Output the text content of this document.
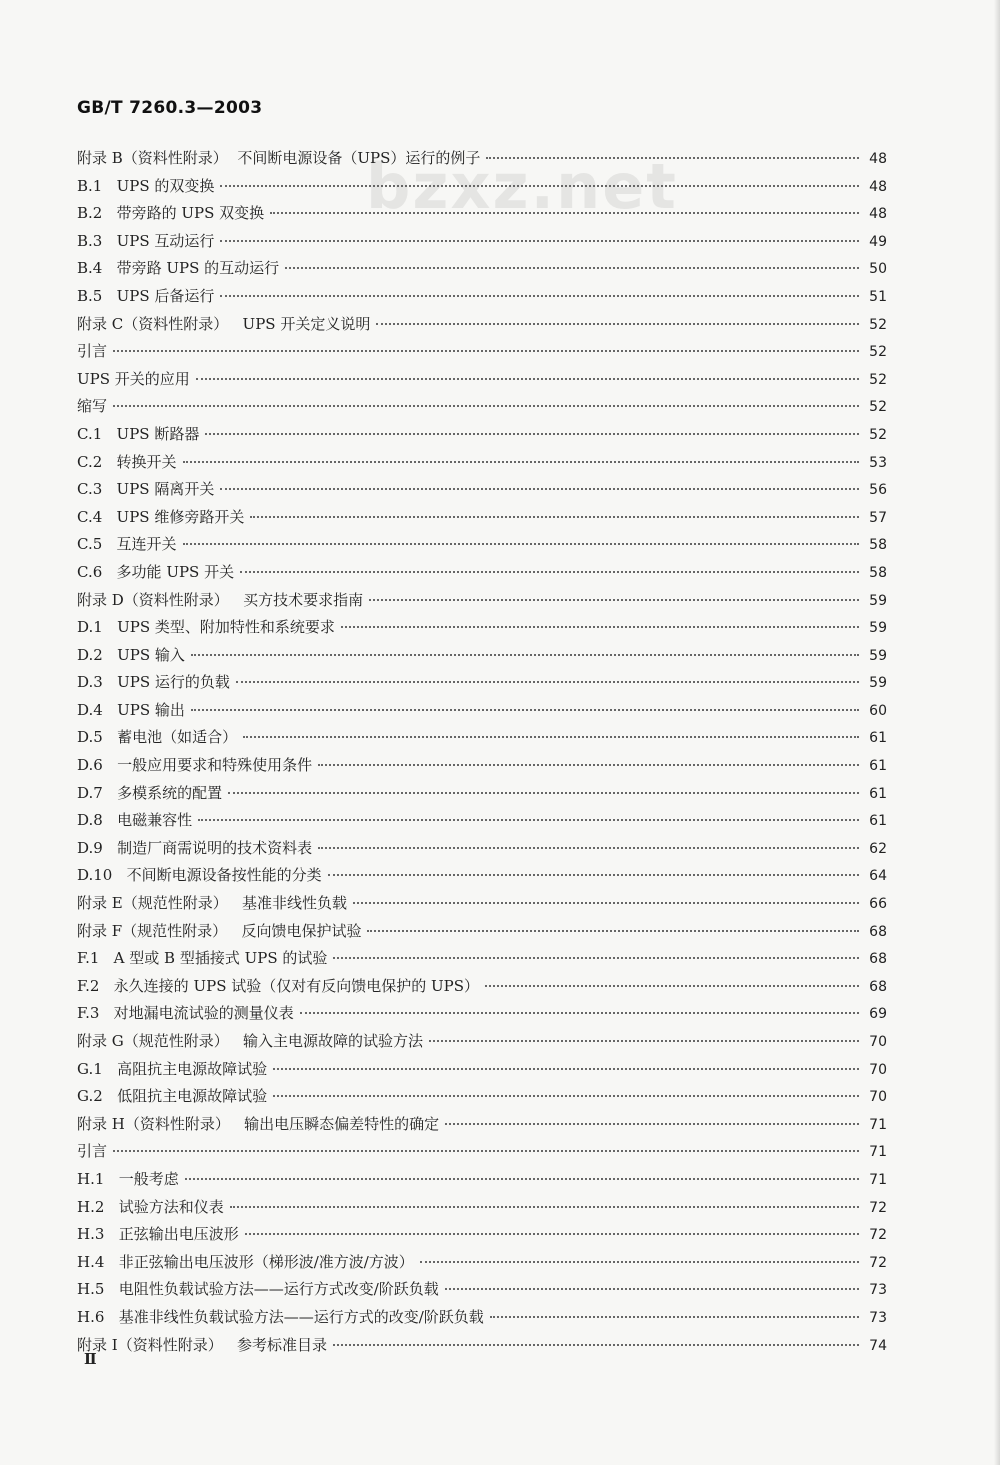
GB/T 7260.3—2003
bzxz.net
附录 B（资料性附录）  不间断电源设备（UPS）运行的例子	48
B.1   UPS 的双变换	48
B.2   带旁路的 UPS 双变换	48
B.3   UPS 互动运行	49
B.4   带旁路 UPS 的互动运行	50
B.5   UPS 后备运行	51
附录 C（资料性附录）   UPS 开关定义说明	52
引言	52
UPS 开关的应用	52
缩写	52
C.1   UPS 断路器	52
C.2   转换开关	53
C.3   UPS 隔离开关	56
C.4   UPS 维修旁路开关	57
C.5   互连开关	58
C.6   多功能 UPS 开关	58
附录 D（资料性附录）   买方技术要求指南	59
D.1   UPS 类型、附加特性和系统要求	59
D.2   UPS 输入	59
D.3   UPS 运行的负载	59
D.4   UPS 输出	60
D.5   蓄电池（如适合）	61
D.6   一般应用要求和特殊使用条件	61
D.7   多模系统的配置	61
D.8   电磁兼容性	61
D.9   制造厂商需说明的技术资料表	62
D.10   不间断电源设备按性能的分类	64
附录 E（规范性附录）   基准非线性负载	66
附录 F（规范性附录）   反向馈电保护试验	68
F.1   A 型或 B 型插接式 UPS 的试验	68
F.2   永久连接的 UPS 试验（仅对有反向馈电保护的 UPS）	68
F.3   对地漏电流试验的测量仪表	69
附录 G（规范性附录）   输入主电源故障的试验方法	70
G.1   高阻抗主电源故障试验	70
G.2   低阻抗主电源故障试验	70
附录 H（资料性附录）   输出电压瞬态偏差特性的确定	71
引言	71
H.1   一般考虑	71
H.2   试验方法和仪表	72
H.3   正弦输出电压波形	72
H.4   非正弦输出电压波形（梯形波/准方波/方波）	72
H.5   电阻性负载试验方法——运行方式改变/阶跃负载	73
H.6   基准非线性负载试验方法——运行方式的改变/阶跃负载	73
附录 I（资料性附录）   参考标准目录	74
Ⅱ
